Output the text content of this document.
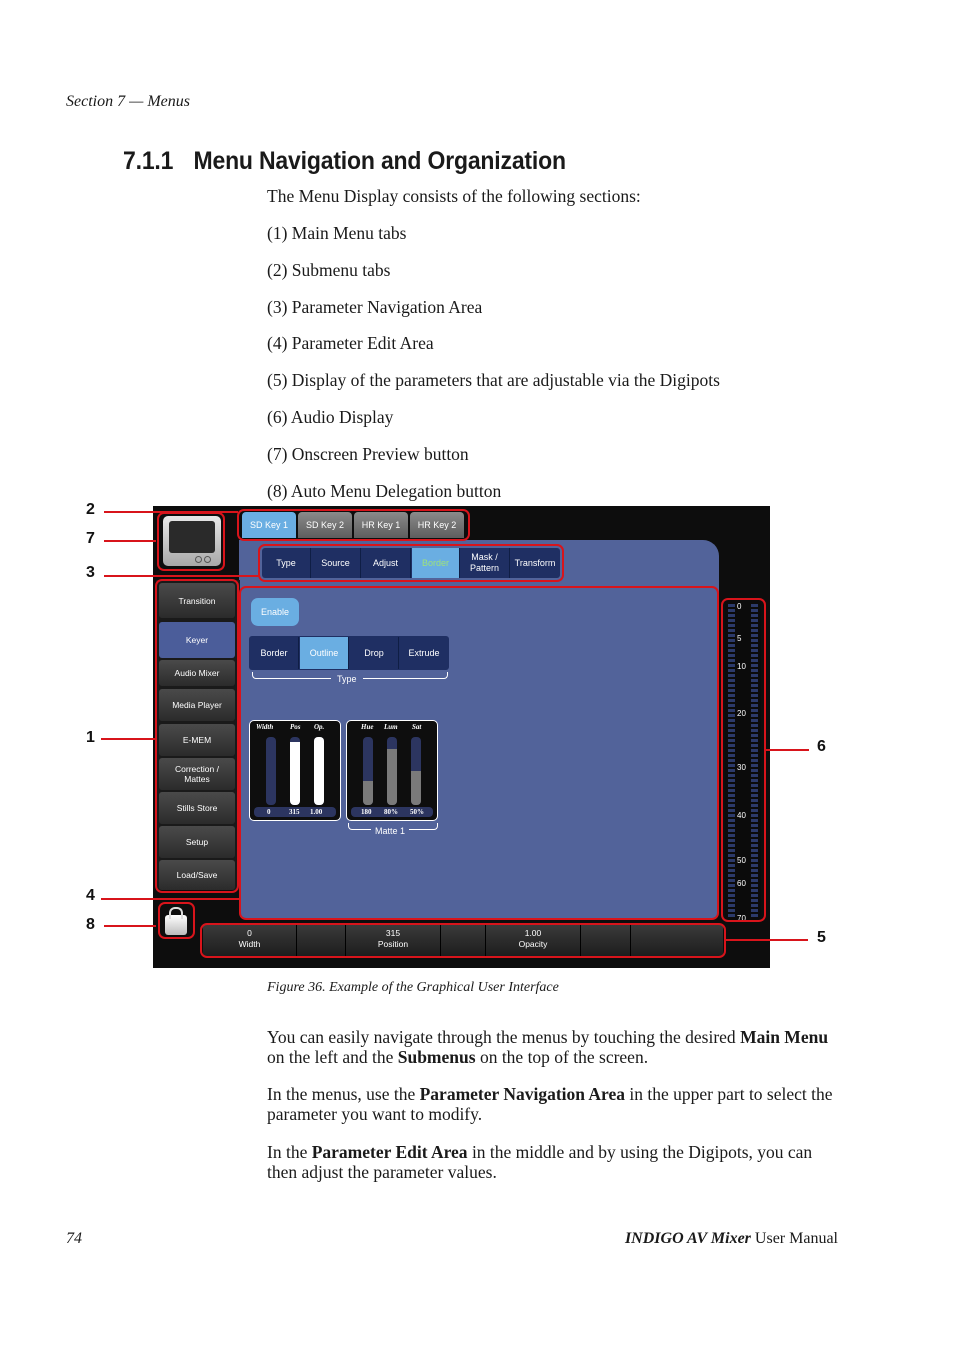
Section 7 — Menus
7.1.1 Menu Navigation and Organization
The Menu Display consists of the following sections:
(1) Main Menu tabs
(2) Submenu tabs
(3) Parameter Navigation Area
(4) Parameter Edit Area
(5) Display of the parameters that are adjustable via the Digipots
(6) Audio Display
(7) Onscreen Preview button
(8) Auto Menu Delegation button
SD Key 1	SD Key 2	HR Key 1	HR Key 2
Type	Source	Adjust	Border
Mask / Pattern
Transform
Transition
Keyer
Audio Mixer
Media Player
E-MEM
Correction / Mattes
Stills Store
Setup
Load/Save
Enable
Border	Outline	Drop	Extrude
Type
Width Pos Op.
0	315 1.00
Hue Lum Sat
180 80% 50%
Matte 1
0
5
10
20
30
40
50
60
70
0
Width
315
Position
1.00
Opacity
2
7
3
1
4
8
6
5
Figure 36. Example of the Graphical User Interface
You can easily navigate through the menus by touching the desired Main Menu on the left and the Submenus on the top of the screen.
In the menus, use the Parameter Navigation Area in the upper part to select the parameter you want to modify.
In the Parameter Edit Area in the middle and by using the Digipots, you can then adjust the parameter values.
74	INDIGO AV Mixer User Manual
